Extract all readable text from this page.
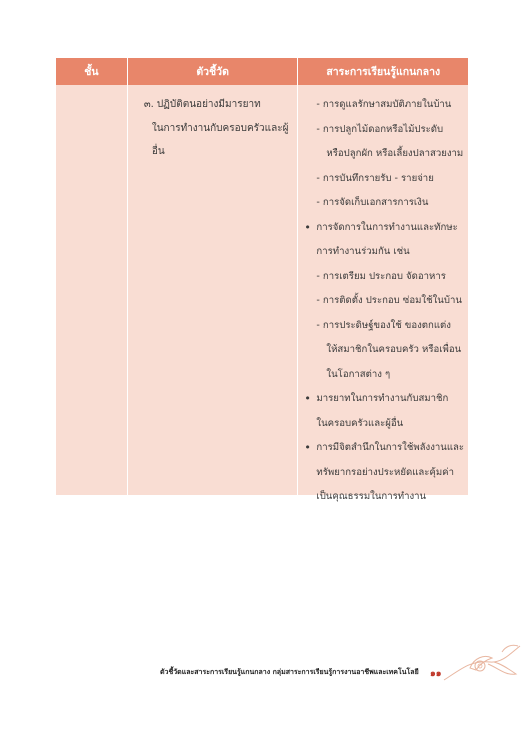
ชั้น	ตัวชี้วัด	สาระการเรียนรู้แกนกลาง
๓. ปฏิบัติตนอย่างมีมารยาท
ในการทำงานกับครอบครัวและผู้อื่น
- การดูแลรักษาสมบัติภายในบ้าน
- การปลูกไม้ดอกหรือไม้ประดับ
หรือปลูกผัก หรือเลี้ยงปลาสวยงาม
- การบันทึกรายรับ - รายจ่าย
- การจัดเก็บเอกสารการเงิน
• การจัดการในการทำงานและทักษะ
การทำงานร่วมกัน เช่น
- การเตรียม ประกอบ จัดอาหาร
- การติดตั้ง ประกอบ ซ่อมใช้ในบ้าน
- การประดิษฐ์ของใช้ ของตกแต่ง
ให้สมาชิกในครอบครัว หรือเพื่อน
ในโอกาสต่าง ๆ
• มารยาทในการทำงานกับสมาชิก
ในครอบครัวและผู้อื่น
• การมีจิตสำนึกในการใช้พลังงานและ
ทรัพยากรอย่างประหยัดและคุ้มค่า
เป็นคุณธรรมในการทำงาน
ตัวชี้วัดและสาระการเรียนรู้แกนกลาง กลุ่มสาระการเรียนรู้การงานอาชีพและเทคโนโลยี ๑๑
